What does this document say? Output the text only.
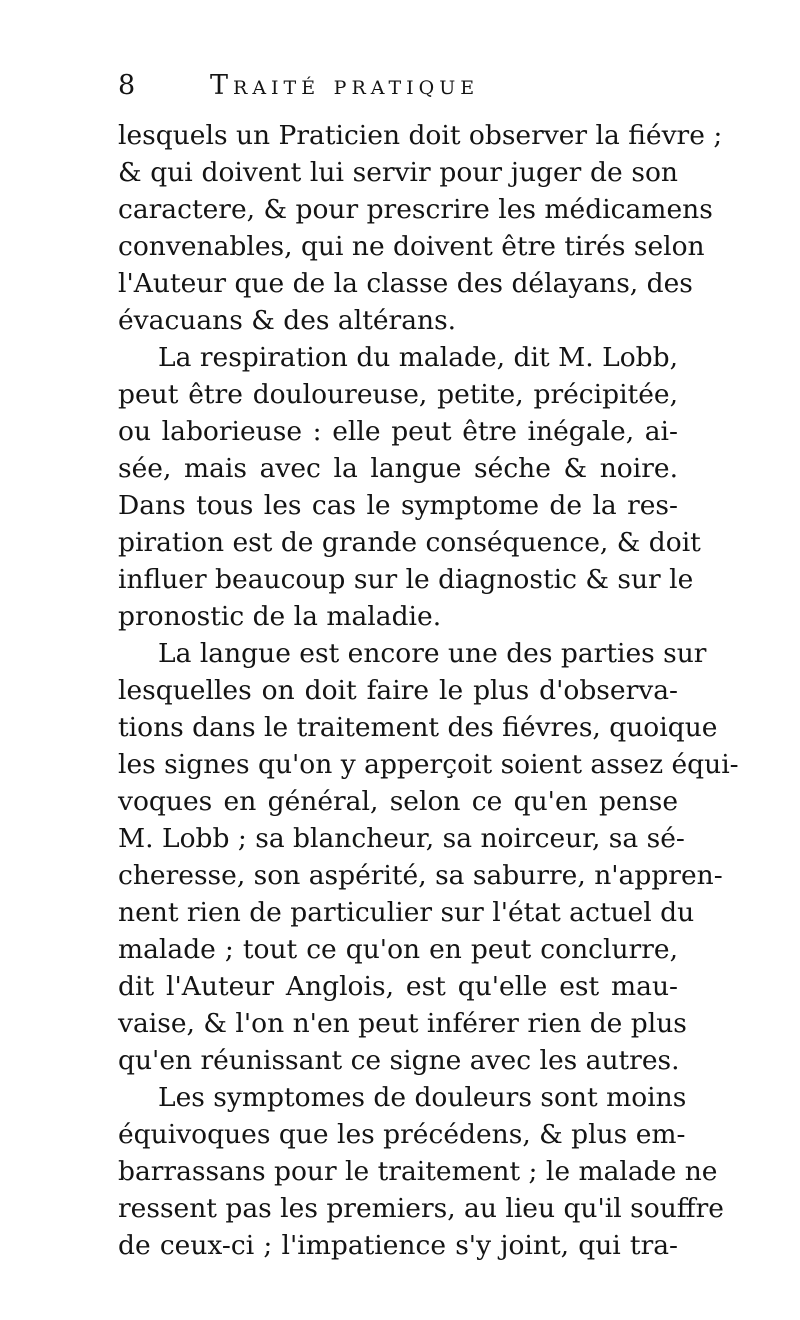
8	Traité pratique
lesquels un Praticien doit observer la fiévre ;
& qui doivent lui servir pour juger de son
caractere, & pour prescrire les médicamens
convenables, qui ne doivent être tirés selon
l'Auteur que de la classe des délayans, des
évacuans & des altérans.
La respiration du malade, dit M. Lobb,
peut être douloureuse, petite, précipitée,
ou laborieuse : elle peut être inégale, ai-
sée, mais avec la langue séche & noire.
Dans tous les cas le symptome de la res-
piration est de grande conséquence, & doit
influer beaucoup sur le diagnostic & sur le
pronostic de la maladie.
La langue est encore une des parties sur
lesquelles on doit faire le plus d'observa-
tions dans le traitement des fiévres, quoique
les signes qu'on y apperçoit soient assez équi-
voques en général, selon ce qu'en pense
M. Lobb ; sa blancheur, sa noirceur, sa sé-
cheresse, son aspérité, sa saburre, n'appren-
nent rien de particulier sur l'état actuel du
malade ; tout ce qu'on en peut conclurre,
dit l'Auteur Anglois, est qu'elle est mau-
vaise, & l'on n'en peut inférer rien de plus
qu'en réunissant ce signe avec les autres.
Les symptomes de douleurs sont moins
équivoques que les précédens, & plus em-
barrassans pour le traitement ; le malade ne
ressent pas les premiers, au lieu qu'il souffre
de ceux-ci ; l'impatience s'y joint, qui tra-
